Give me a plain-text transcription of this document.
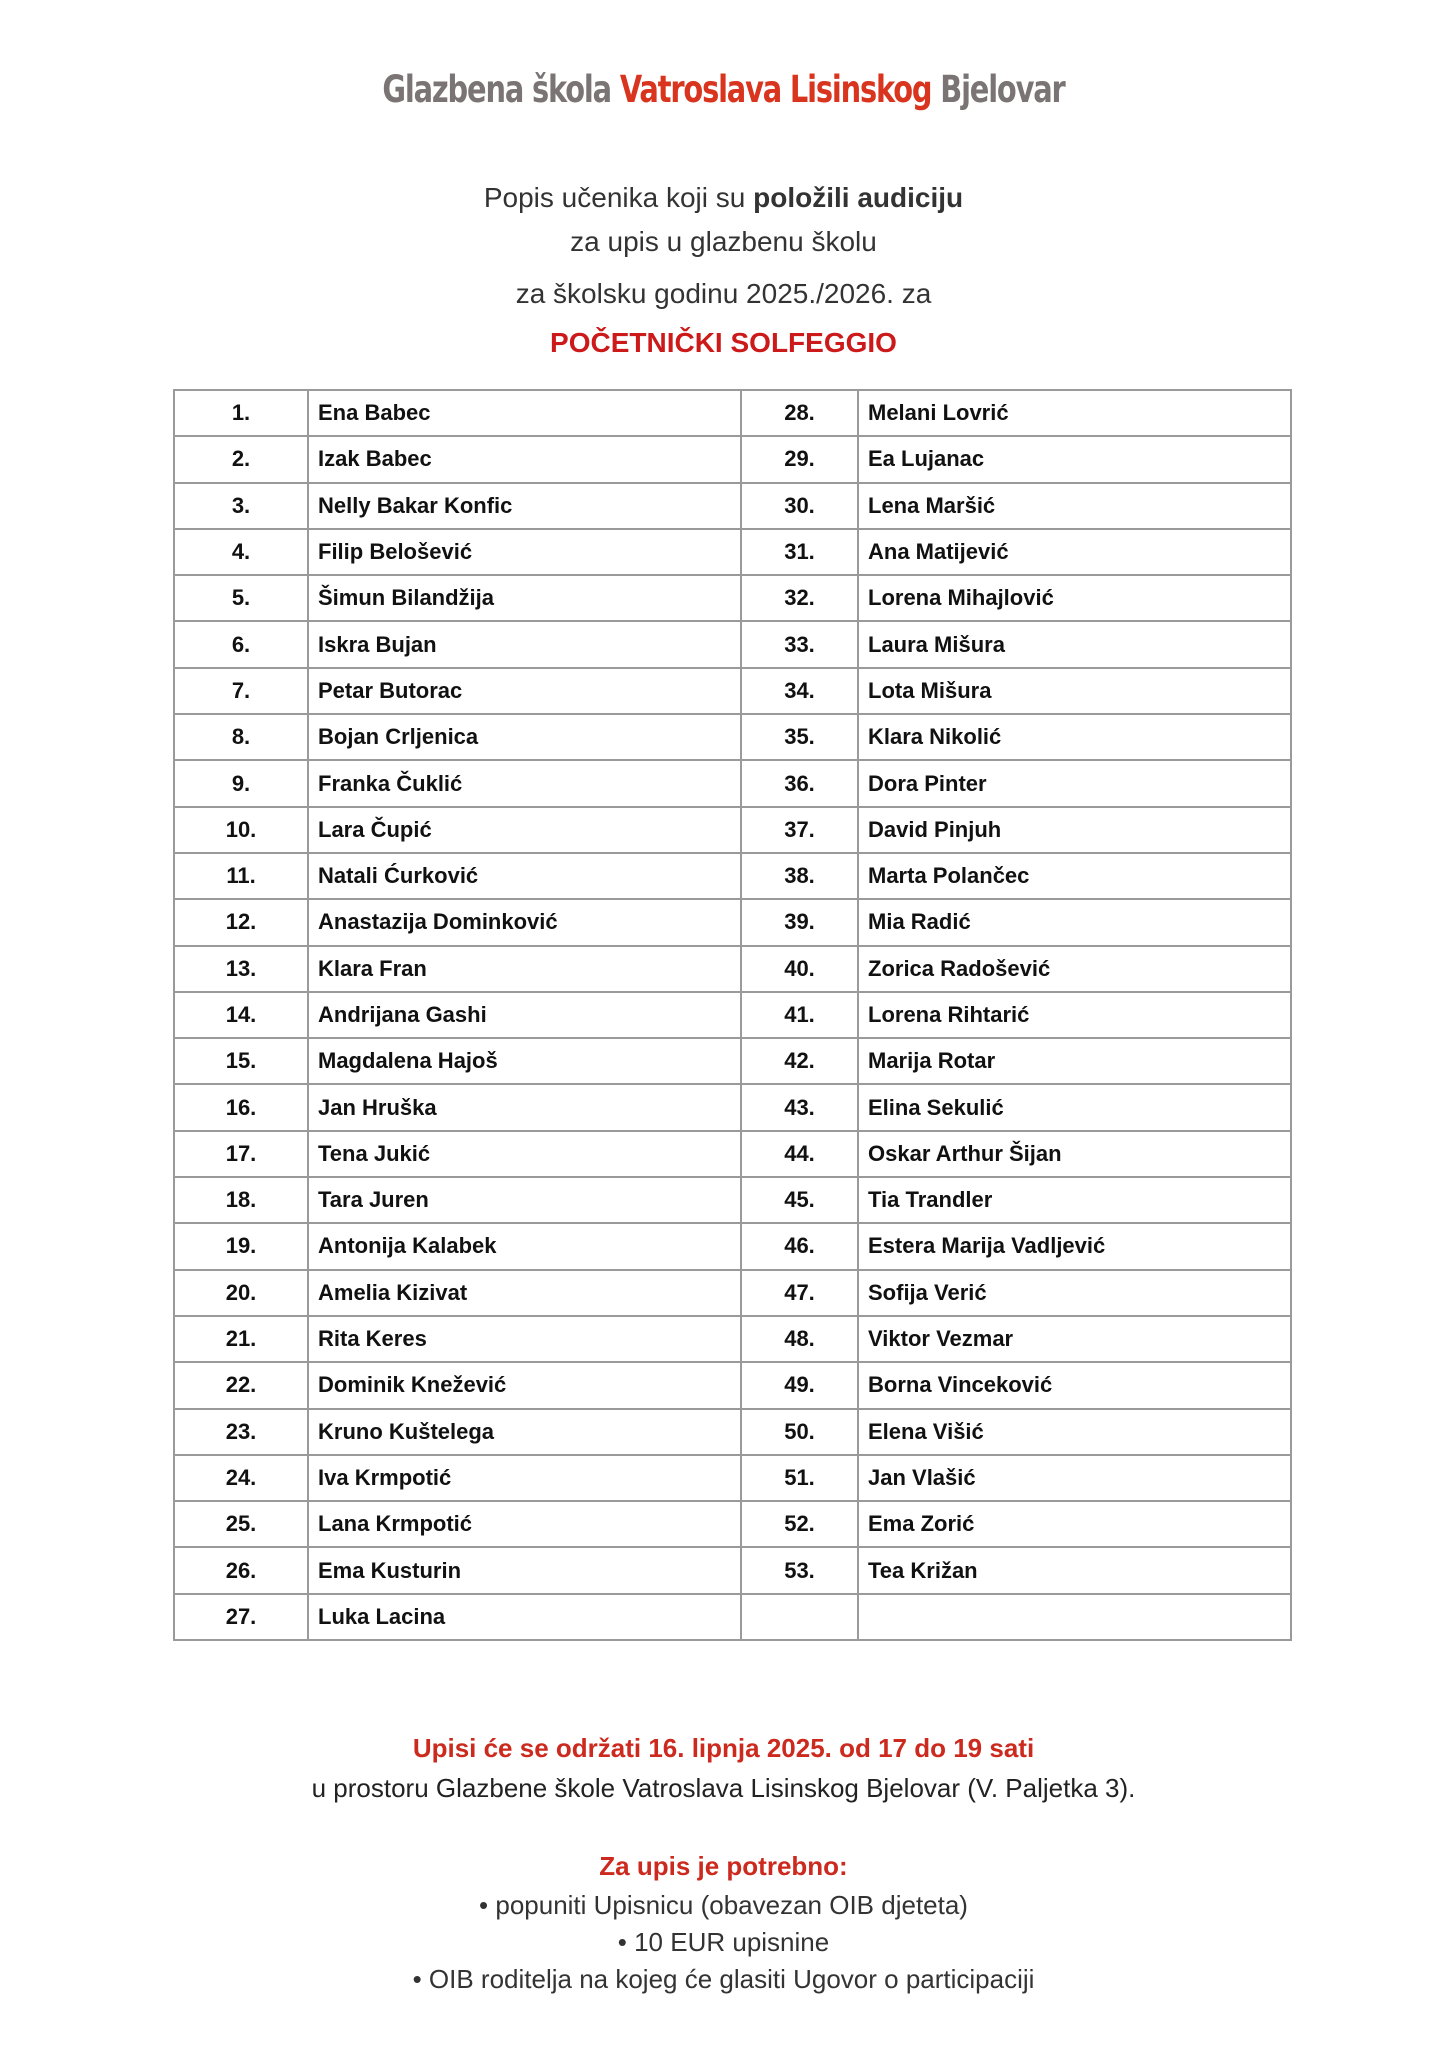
Glazbena škola Vatroslava Lisinskog Bjelovar
Popis učenika koji su položili audiciju
za upis u glazbenu školu
za školsku godinu 2025./2026. za
POČETNIČKI SOLFEGGIO
1.	Ena Babec	28.	Melani Lovrić
2.	Izak Babec	29.	Ea Lujanac
3.	Nelly Bakar Konfic	30.	Lena Maršić
4.	Filip Belošević	31.	Ana Matijević
5.	Šimun Bilandžija	32.	Lorena Mihajlović
6.	Iskra Bujan	33.	Laura Mišura
7.	Petar Butorac	34.	Lota Mišura
8.	Bojan Crljenica	35.	Klara Nikolić
9.	Franka Čuklić	36.	Dora Pinter
10.	Lara Čupić	37.	David Pinjuh
11.	Natali Ćurković	38.	Marta Polančec
12.	Anastazija Dominković	39.	Mia Radić
13.	Klara Fran	40.	Zorica Radošević
14.	Andrijana Gashi	41.	Lorena Rihtarić
15.	Magdalena Hajoš	42.	Marija Rotar
16.	Jan Hruška	43.	Elina Sekulić
17.	Tena Jukić	44.	Oskar Arthur Šijan
18.	Tara Juren	45.	Tia Trandler
19.	Antonija Kalabek	46.	Estera Marija Vadljević
20.	Amelia Kizivat	47.	Sofija Verić
21.	Rita Keres	48.	Viktor Vezmar
22.	Dominik Knežević	49.	Borna Vinceković
23.	Kruno Kuštelega	50.	Elena Višić
24.	Iva Krmpotić	51.	Jan Vlašić
25.	Lana Krmpotić	52.	Ema Zorić
26.	Ema Kusturin	53.	Tea Križan
27.	Luka Lacina		
Upisi će se održati 16. lipnja 2025. od 17 do 19 sati
u prostoru Glazbene škole Vatroslava Lisinskog Bjelovar (V. Paljetka 3).
Za upis je potrebno:
• popuniti Upisnicu (obavezan OIB djeteta)
• 10 EUR upisnine
• OIB roditelja na kojeg će glasiti Ugovor o participaciji
